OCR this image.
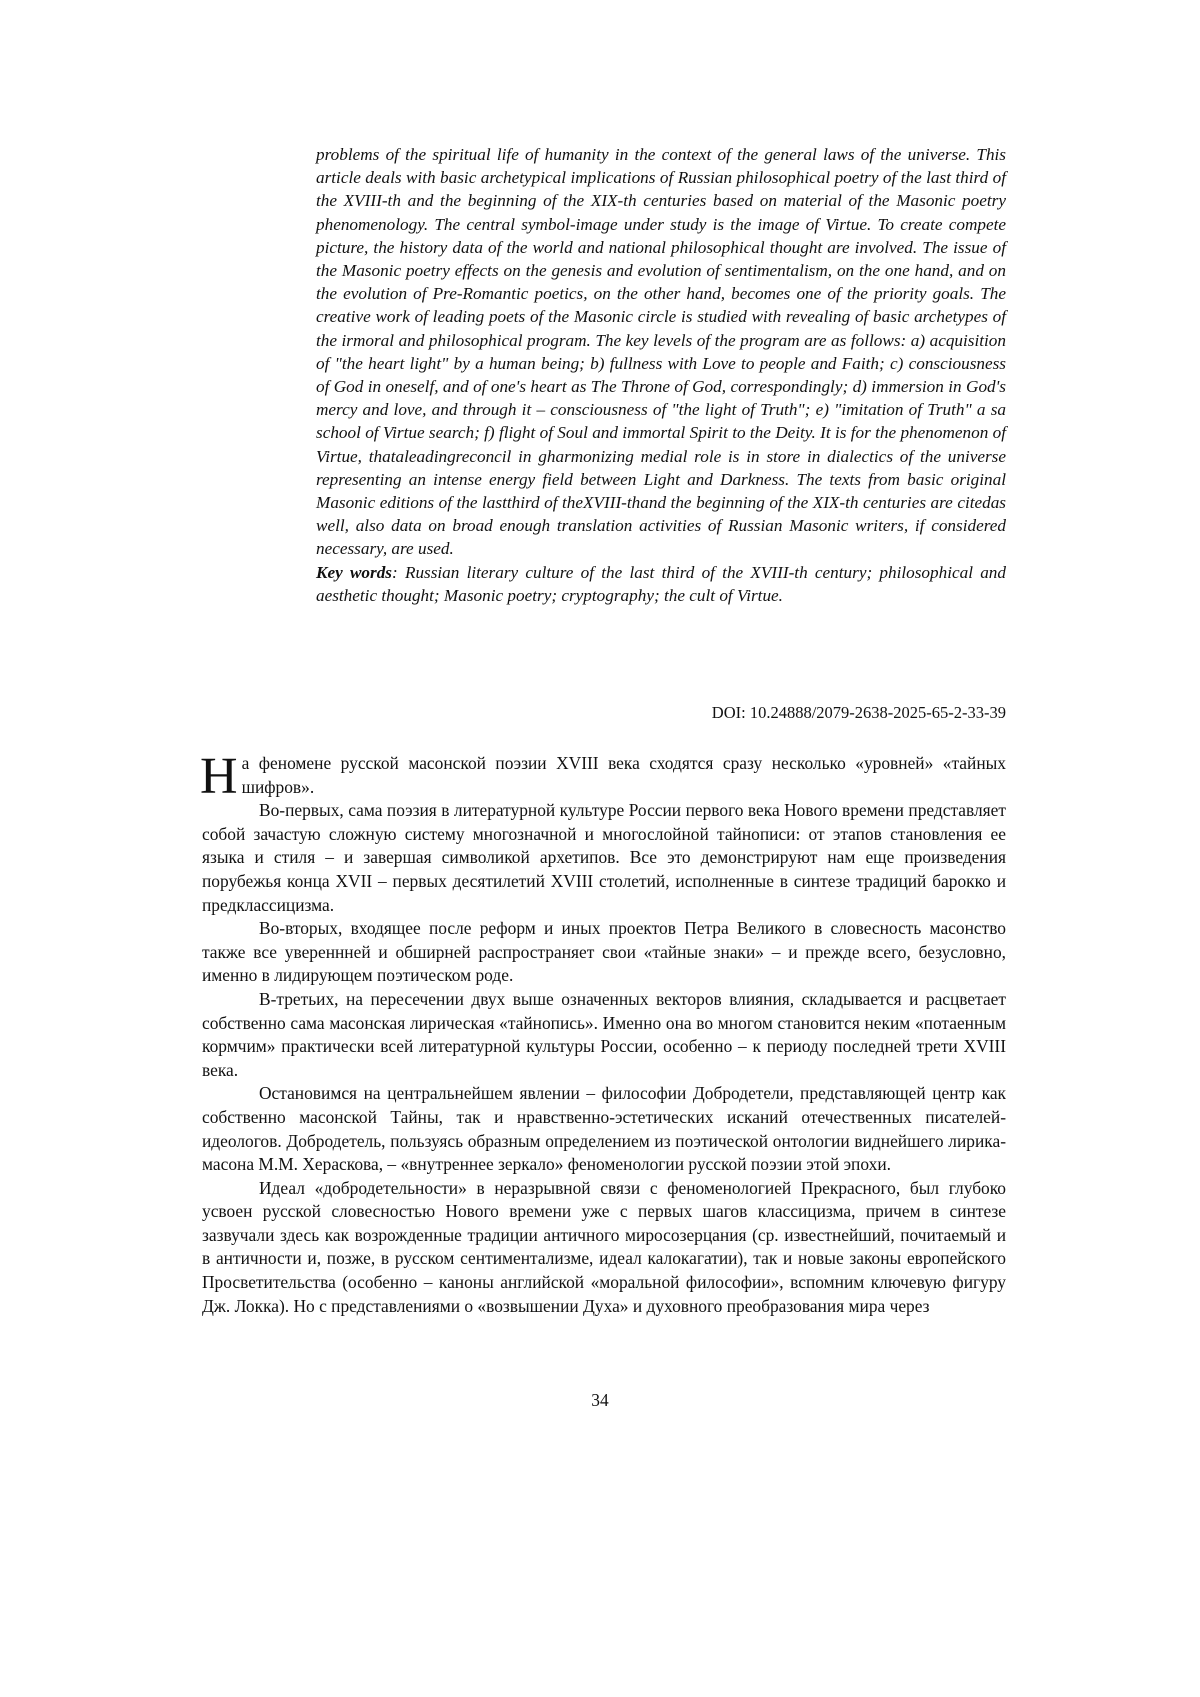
problems of the spiritual life of humanity in the context of the general laws of the universe. This article deals with basic archetypical implications of Russian philosophical poetry of the last third of the XVIII-th and the beginning of the XIX-th centuries based on material of the Masonic poetry phenomenology. The central symbol-image under study is the image of Virtue. To create compete picture, the history data of the world and national philosophical thought are involved. The issue of the Masonic poetry effects on the genesis and evolution of sentimentalism, on the one hand, and on the evolution of Pre-Romantic poetics, on the other hand, becomes one of the priority goals. The creative work of leading poets of the Masonic circle is studied with revealing of basic archetypes of the irmoral and philosophical program. The key levels of the program are as follows: a) acquisition of "the heart light" by a human being; b) fullness with Love to people and Faith; c) consciousness of God in oneself, and of one's heart as The Throne of God, correspondingly; d) immersion in God's mercy and love, and through it – consciousness of "the light of Truth"; e) "imitation of Truth" a sa school of Virtue search; f) flight of Soul and immortal Spirit to the Deity. It is for the phenomenon of Virtue, thataleadingreconcil in gharmonizing medial role is in store in dialectics of the universe representing an intense energy field between Light and Darkness. The texts from basic original Masonic editions of the lastthird of theXVIII-thand the beginning of the XIX-th centuries are citedas well, also data on broad enough translation activities of Russian Masonic writers, if considered necessary, are used.

Key words: Russian literary culture of the last third of the XVIII-th century; philosophical and aesthetic thought; Masonic poetry; cryptography; the cult of Virtue.

DOI: 10.24888/2079-2638-2025-65-2-33-39

На феномене русской масонской поэзии XVIII века сходятся сразу несколько «уровней» «тайных шифров».

Во-первых, сама поэзия в литературной культуре России первого века Нового времени представляет собой зачастую сложную систему многозначной и многослойной тайнописи: от этапов становления ее языка и стиля – и завершая символикой архетипов. Все это демонстрируют нам еще произведения порубежья конца XVII – первых десятилетий XVIII столетий, исполненные в синтезе традиций барокко и предклассицизма.

Во-вторых, входящее после реформ и иных проектов Петра Великого в словесность масонство также все увереннней и обширней распространяет свои «тайные знаки» – и прежде всего, безусловно, именно в лидирующем поэтическом роде.

В-третьих, на пересечении двух выше означенных векторов влияния, складывается и расцветает собственно сама масонская лирическая «тайнопись». Именно она во многом становится неким «потаенным кормчим» практически всей литературной культуры России, особенно – к периоду последней трети XVIII века.

Остановимся на центральнейшем явлении – философии Добродетели, представляющей центр как собственно масонской Тайны, так и нравственно-эстетических исканий отечественных писателей-идеологов. Добродетель, пользуясь образным определением из поэтической онтологии виднейшего лирика-масона М.М. Хераскова, – «внутреннее зеркало» феноменологии русской поэзии этой эпохи.

Идеал «добродетельности» в неразрывной связи с феноменологией Прекрасного, был глубоко усвоен русской словесностью Нового времени уже с первых шагов классицизма, причем в синтезе зазвучали здесь как возрожденные традиции античного миросозерцания (ср. известнейший, почитаемый и в античности и, позже, в русском сентиментализме, идеал калокагатии), так и новые законы европейского Просветительства (особенно – каноны английской «моральной философии», вспомним ключевую фигуру Дж. Локка). Но с представлениями о «возвышении Духа» и духовного преобразования мира через

34
